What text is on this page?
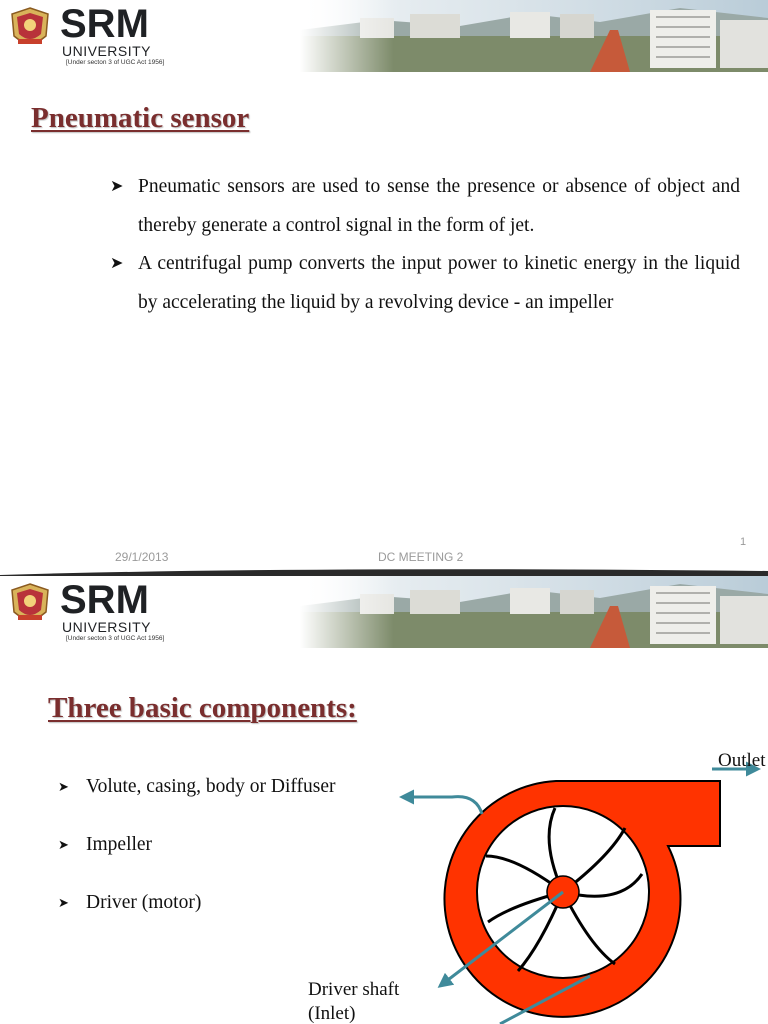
SRM
UNIVERSITY
[Under secton 3 of UGC Act 1956]
Pneumatic sensor
➤ Pneumatic sensors are used to sense the presence or absence of object and thereby generate a control signal in the form of jet.
➤ A centrifugal pump converts the input power to kinetic energy in the liquid by accelerating the liquid by a revolving device - an impeller
29/1/2013	DC MEETING 2
1
SRM
UNIVERSITY
[Under secton 3 of UGC Act 1956]
Three basic components:
➤ Volute, casing, body or Diffuser
➤ Impeller
➤ Driver (motor)
Outlet
Driver shaft
(Inlet)
